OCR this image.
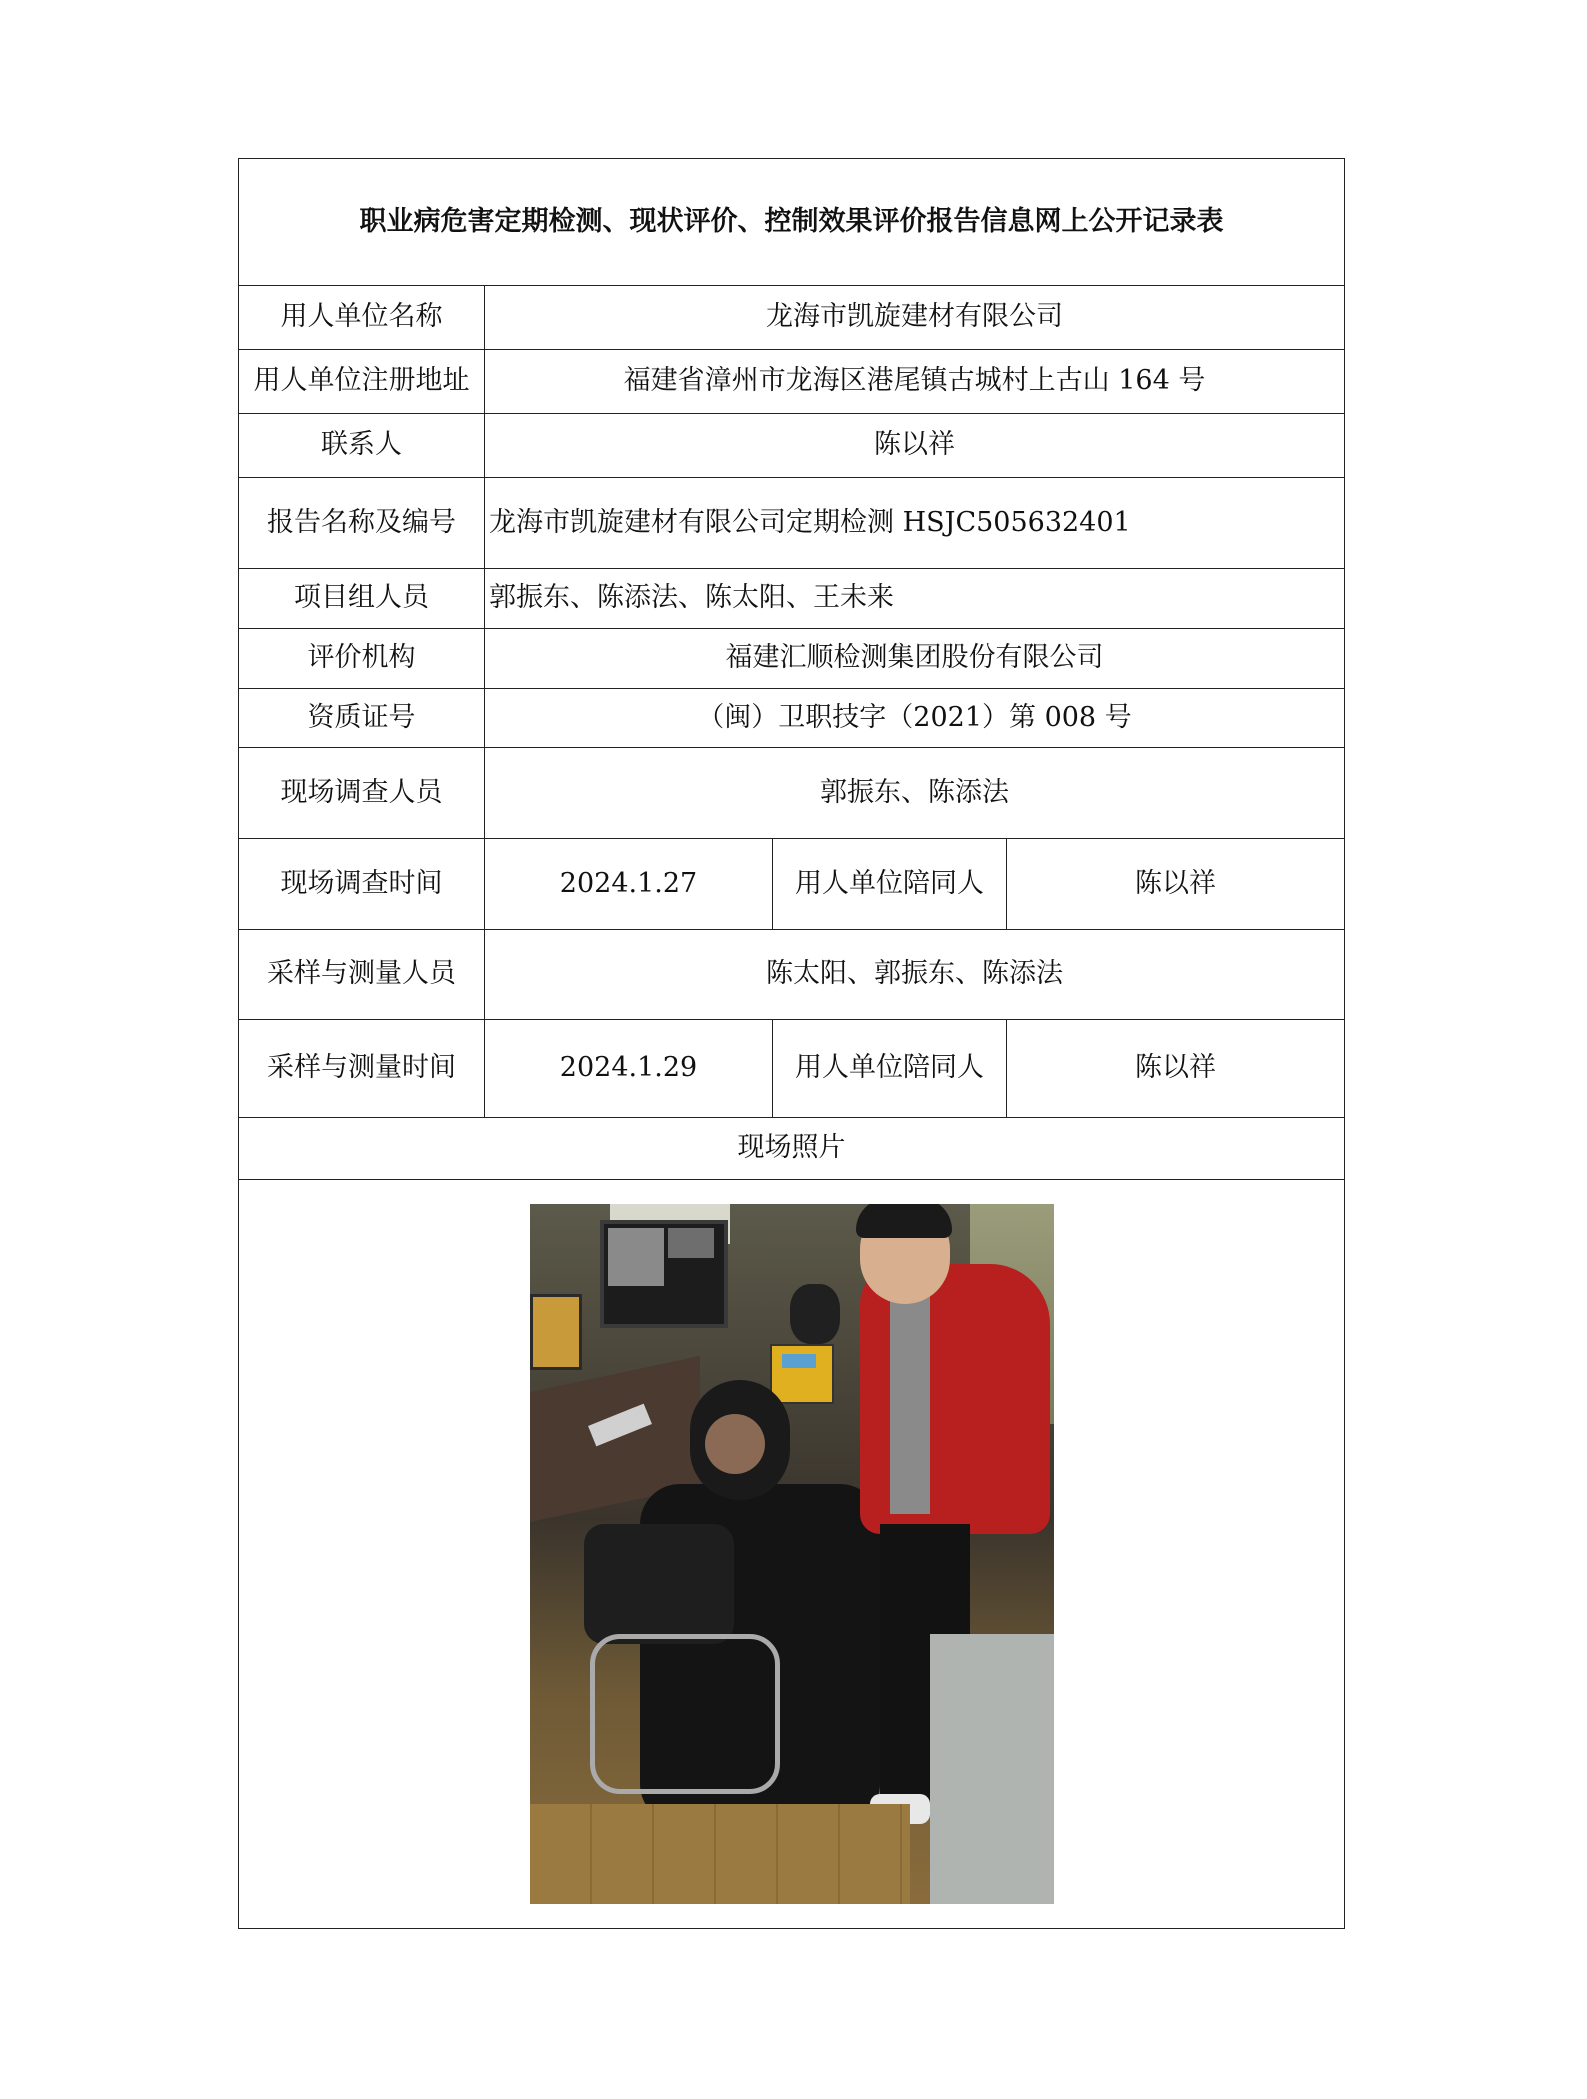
职业病危害定期检测、现状评价、控制效果评价报告信息网上公开记录表			
用人单位名称	龙海市凯旋建材有限公司		
用人单位注册地址	福建省漳州市龙海区港尾镇古城村上古山 164 号		
联系人	陈以祥		
报告名称及编号	龙海市凯旋建材有限公司定期检测 HSJC505632401		
项目组人员	郭振东、陈添法、陈太阳、王未来		
评价机构	福建汇顺检测集团股份有限公司		
资质证号	（闽）卫职技字（2021）第 008 号		
现场调查人员	郭振东、陈添法		
现场调查时间	2024.1.27	用人单位陪同人	陈以祥
采样与测量人员	陈太阳、郭振东、陈添法		
采样与测量时间	2024.1.29	用人单位陪同人	陈以祥
现场照片			
